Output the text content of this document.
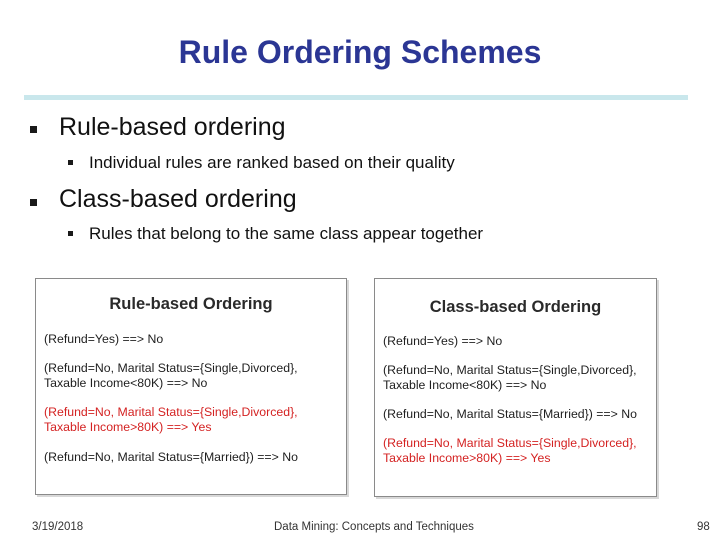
Rule Ordering Schemes
Rule-based ordering
Individual rules are ranked based on their quality
Class-based ordering
Rules that belong to the same class appear together
Rule-based Ordering
(Refund=Yes) ==> No
(Refund=No, Marital Status={Single,Divorced},
Taxable Income<80K) ==> No
(Refund=No, Marital Status={Single,Divorced},
Taxable Income>80K) ==> Yes
(Refund=No, Marital Status={Married}) ==> No
Class-based Ordering
(Refund=Yes) ==> No
(Refund=No, Marital Status={Single,Divorced},
Taxable Income<80K) ==> No
(Refund=No, Marital Status={Married}) ==> No
(Refund=No, Marital Status={Single,Divorced},
Taxable Income>80K) ==> Yes
3/19/2018	Data Mining: Concepts and Techniques	98
